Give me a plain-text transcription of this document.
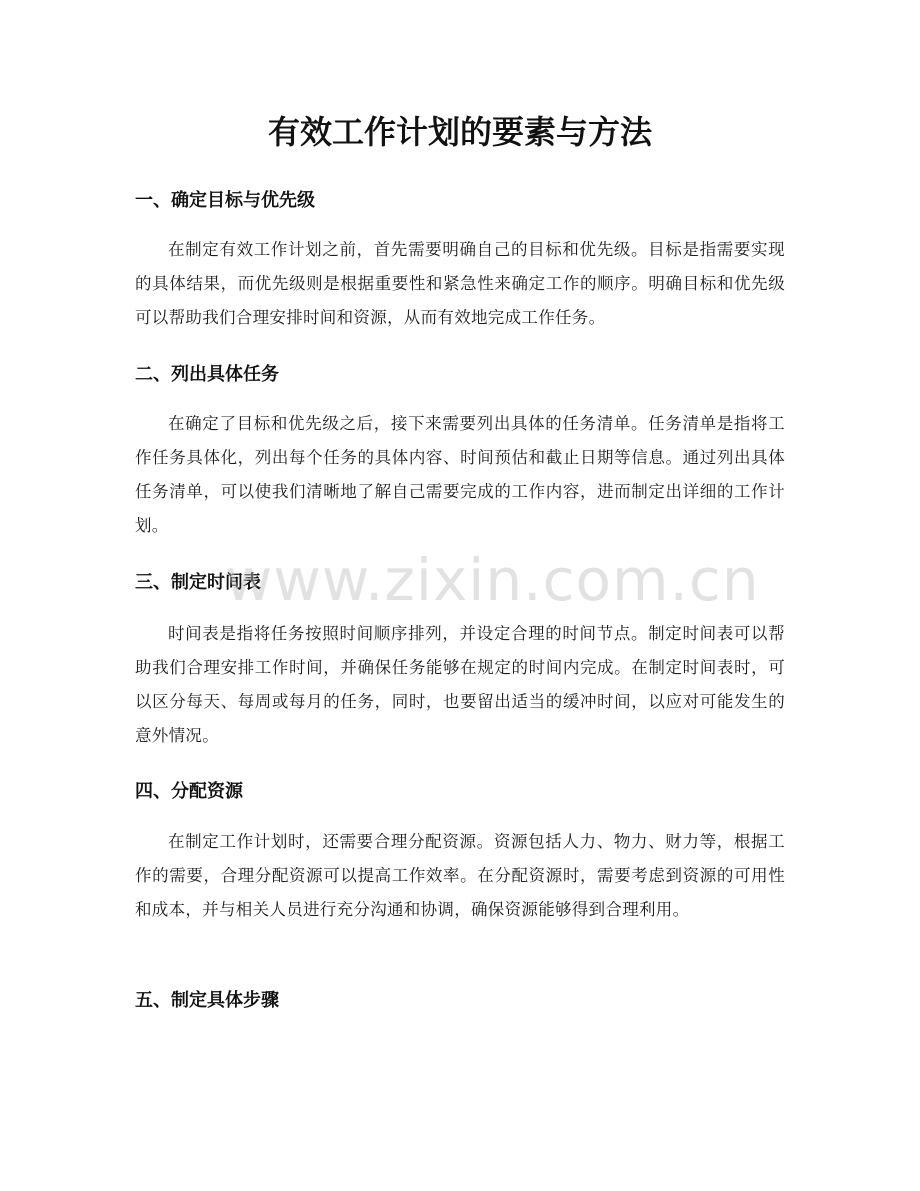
有效工作计划的要素与方法
一、确定目标与优先级

在制定有效工作计划之前，首先需要明确自己的目标和优先级。目标是指需要实现的具体结果，而优先级则是根据重要性和紧急性来确定工作的顺序。明确目标和优先级可以帮助我们合理安排时间和资源，从而有效地完成工作任务。

二、列出具体任务

在确定了目标和优先级之后，接下来需要列出具体的任务清单。任务清单是指将工作任务具体化，列出每个任务的具体内容、时间预估和截止日期等信息。通过列出具体任务清单，可以使我们清晰地了解自己需要完成的工作内容，进而制定出详细的工作计划。

三、制定时间表

时间表是指将任务按照时间顺序排列，并设定合理的时间节点。制定时间表可以帮助我们合理安排工作时间，并确保任务能够在规定的时间内完成。在制定时间表时，可以区分每天、每周或每月的任务，同时，也要留出适当的缓冲时间，以应对可能发生的意外情况。

四、分配资源

在制定工作计划时，还需要合理分配资源。资源包括人力、物力、财力等，根据工作的需要，合理分配资源可以提高工作效率。在分配资源时，需要考虑到资源的可用性和成本，并与相关人员进行充分沟通和协调，确保资源能够得到合理利用。

五、制定具体步骤
www.zixin.com.cn
